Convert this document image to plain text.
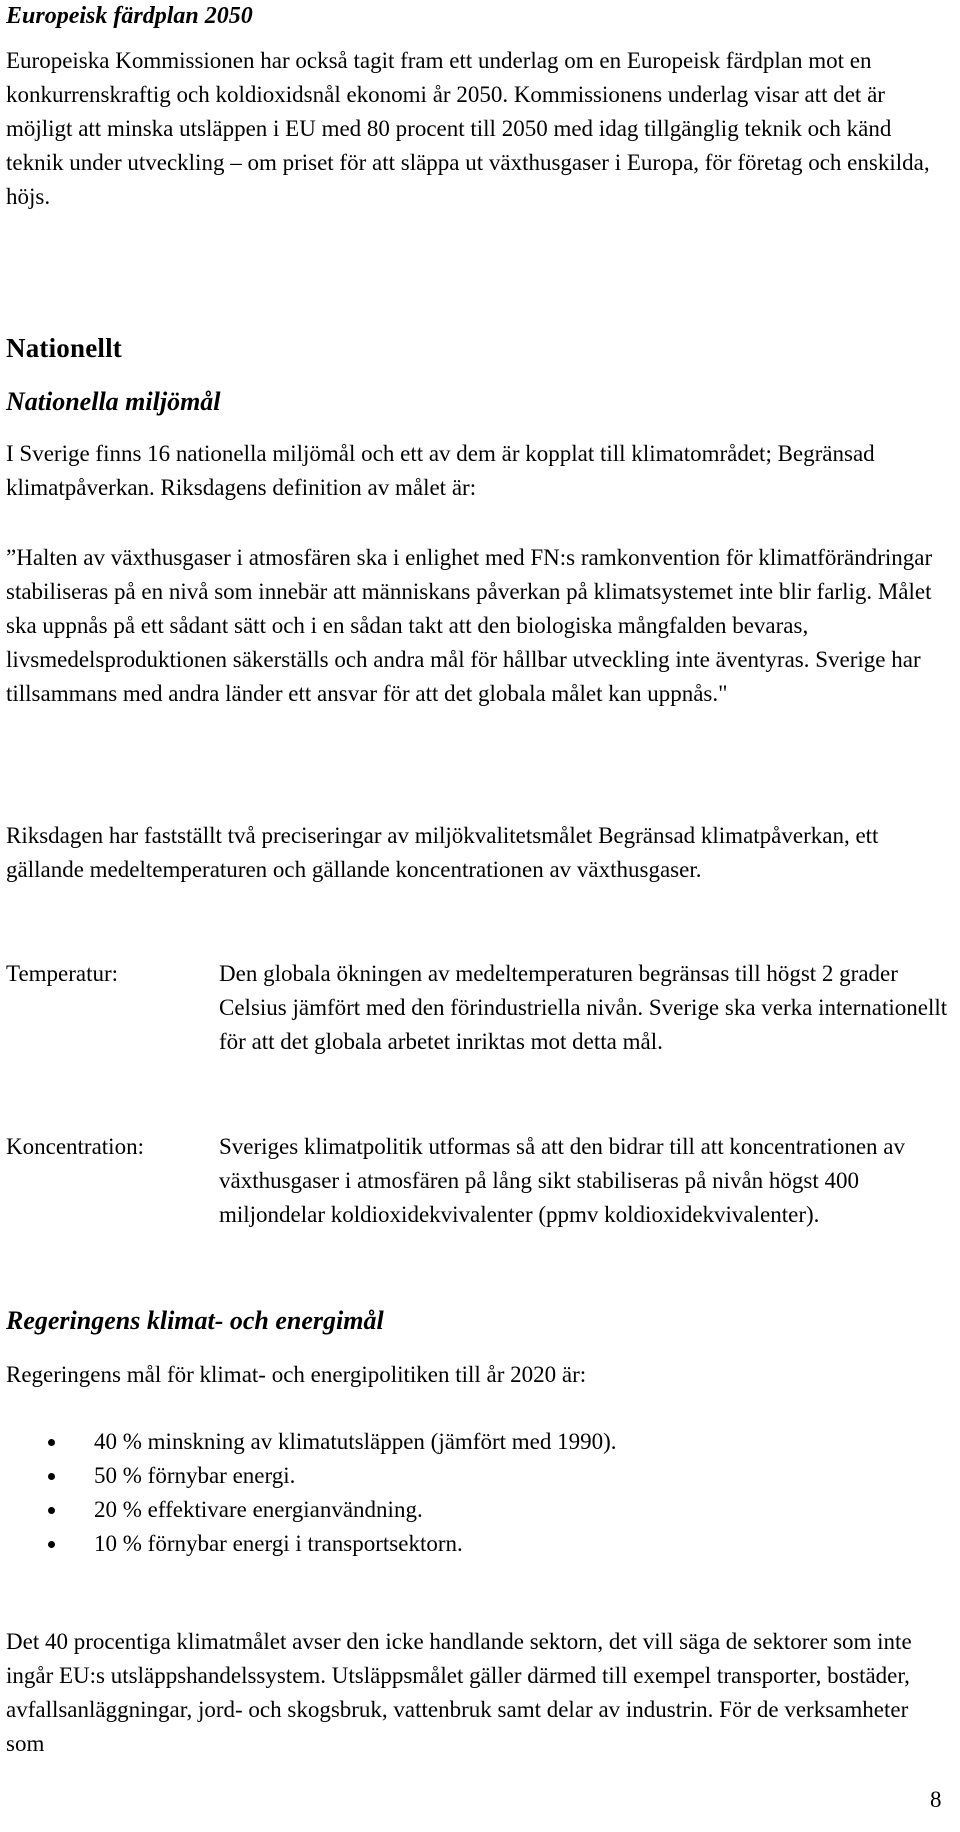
Europeisk färdplan 2050

Europeiska Kommissionen har också tagit fram ett underlag om en Europeisk färdplan mot en konkurrenskraftig och koldioxidsnål ekonomi år 2050. Kommissionens underlag visar att det är möjligt att minska utsläppen i EU med 80 procent till 2050 med idag tillgänglig teknik och känd teknik under utveckling – om priset för att släppa ut växthusgaser i Europa, för företag och enskilda, höjs.

Nationellt
Nationella miljömål

I Sverige finns 16 nationella miljömål och ett av dem är kopplat till klimatområdet; Begränsad klimatpåverkan. Riksdagens definition av målet är:

”Halten av växthusgaser i atmosfären ska i enlighet med FN:s ramkonvention för klimatförändringar stabiliseras på en nivå som innebär att människans påverkan på klimatsystemet inte blir farlig. Målet ska uppnås på ett sådant sätt och i en sådan takt att den biologiska mångfalden bevaras, livsmedelsproduktionen säkerställs och andra mål för hållbar utveckling inte äventyras. Sverige har tillsammans med andra länder ett ansvar för att det globala målet kan uppnås."

Riksdagen har fastställt två preciseringar av miljökvalitetsmålet Begränsad klimatpåverkan, ett gällande medeltemperaturen och gällande koncentrationen av växthusgaser.

Temperatur:	Den globala ökningen av medeltemperaturen begränsas till högst 2 grader Celsius jämfört med den förindustriella nivån. Sverige ska verka internationellt för att det globala arbetet inriktas mot detta mål.

Koncentration:	Sveriges klimatpolitik utformas så att den bidrar till att koncentrationen av växthusgaser i atmosfären på lång sikt stabiliseras på nivån högst 400 miljondelar koldioxidekvivalenter (ppmv koldioxidekvivalenter).

Regeringens klimat- och energimål

Regeringens mål för klimat- och energipolitiken till år 2020 är:

40 % minskning av klimatutsläppen (jämfört med 1990).
50 % förnybar energi.
20 % effektivare energianvändning.
10 % förnybar energi i transportsektorn.

Det 40 procentiga klimatmålet avser den icke handlande sektorn, det vill säga de sektorer som inte ingår EU:s utsläppshandelssystem. Utsläppsmålet gäller därmed till exempel transporter, bostäder, avfallsanläggningar, jord- och skogsbruk, vattenbruk samt delar av industrin. För de verksamheter som

8
